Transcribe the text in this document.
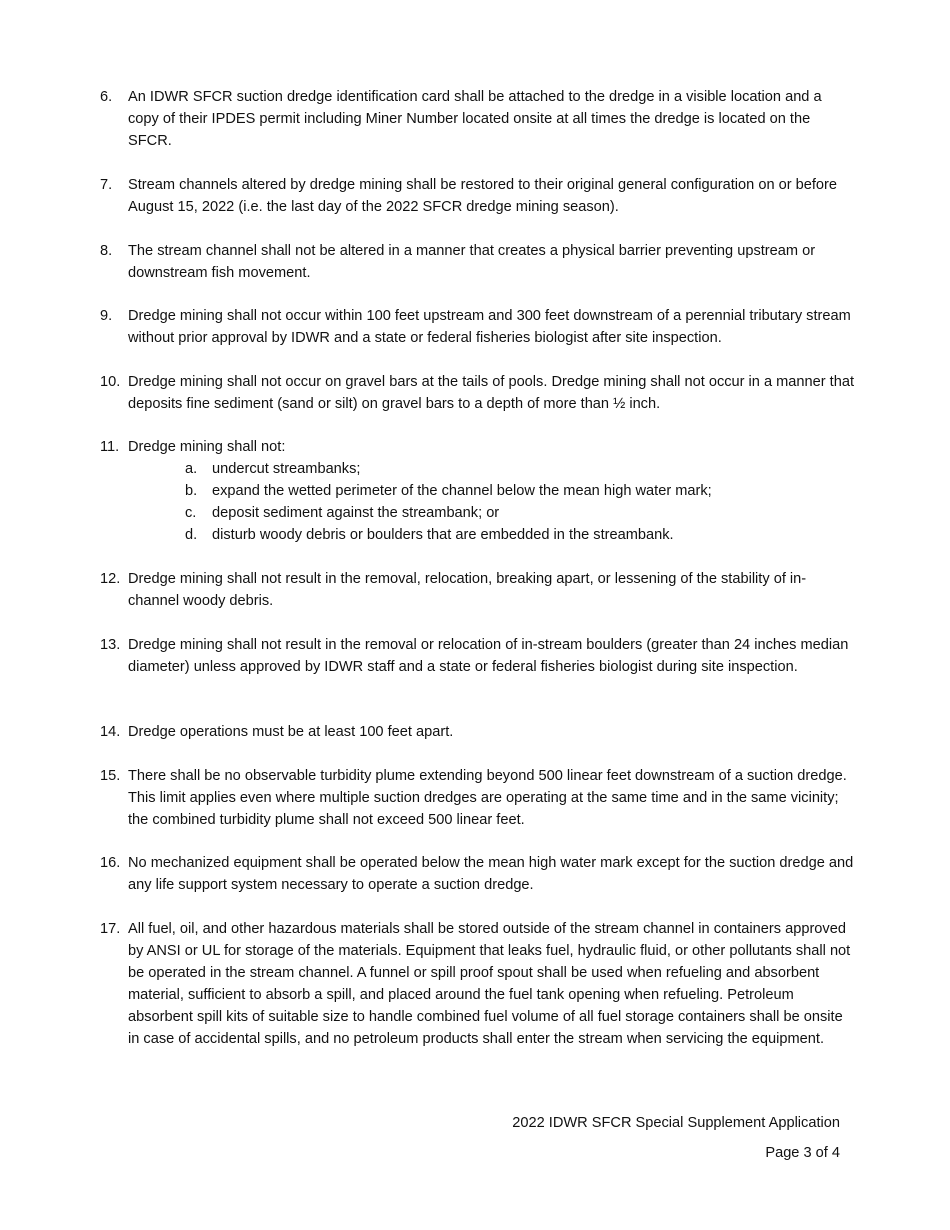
6.	An IDWR SFCR suction dredge identification card shall be attached to the dredge in a visible location and a copy of their IPDES permit including Miner Number located onsite at all times the dredge is located on the SFCR.
7.	Stream channels altered by dredge mining shall be restored to their original general configuration on or before August 15, 2022 (i.e. the last day of the 2022 SFCR dredge mining season).
8.	The stream channel shall not be altered in a manner that creates a physical barrier preventing upstream or downstream fish movement.
9.	Dredge mining shall not occur within 100 feet upstream and 300 feet downstream of a perennial tributary stream without prior approval by IDWR and a state or federal fisheries biologist after site inspection.
10. Dredge mining shall not occur on gravel bars at the tails of pools. Dredge mining shall not occur in a manner that deposits fine sediment (sand or silt) on gravel bars to a depth of more than ½ inch.
11. Dredge mining shall not:
a.	undercut streambanks;
b.	expand the wetted perimeter of the channel below the mean high water mark;
c.	deposit sediment against the streambank; or
d.	disturb woody debris or boulders that are embedded in the streambank.
12. Dredge mining shall not result in the removal, relocation, breaking apart, or lessening of the stability of in-channel woody debris.
13. Dredge mining shall not result in the removal or relocation of in-stream boulders (greater than 24 inches median diameter) unless approved by IDWR staff and a state or federal fisheries biologist during site inspection.
14. Dredge operations must be at least 100 feet apart.
15. There shall be no observable turbidity plume extending beyond 500 linear feet downstream of a suction dredge. This limit applies even where multiple suction dredges are operating at the same time and in the same vicinity; the combined turbidity plume shall not exceed 500 linear feet.
16. No mechanized equipment shall be operated below the mean high water mark except for the suction dredge and any life support system necessary to operate a suction dredge.
17. All fuel, oil, and other hazardous materials shall be stored outside of the stream channel in containers approved by ANSI or UL for storage of the materials. Equipment that leaks fuel, hydraulic fluid, or other pollutants shall not be operated in the stream channel. A funnel or spill proof spout shall be used when refueling and absorbent material, sufficient to absorb a spill, and placed around the fuel tank opening when refueling. Petroleum absorbent spill kits of suitable size to handle combined fuel volume of all fuel storage containers shall be onsite in case of accidental spills, and no petroleum products shall enter the stream when servicing the equipment.
2022 IDWR SFCR Special Supplement Application
Page 3 of 4
